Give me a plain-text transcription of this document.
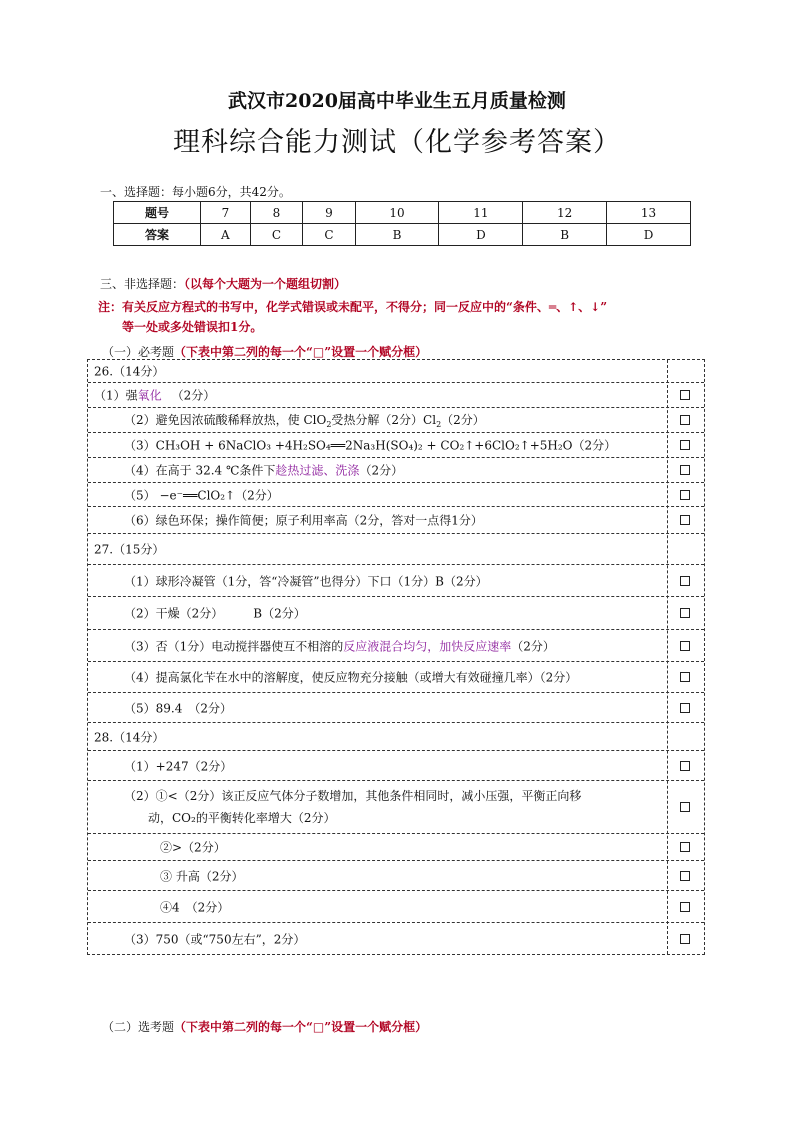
武汉市2020届高中毕业生五月质量检测
理科综合能力测试（化学参考答案）
一、选择题：每小题6分，共42分。
题号	7	8	9	10	11	12	13
答案	A	C	C	B	D	B	D
三、非选择题：（以每个大题为一个题组切割）
注：有关反应方程式的书写中，化学式错误或未配平，不得分；同一反应中的“条件、═、↑、↓”
等一处或多处错误扣1分。
（一）必考题（下表中第二列的每一个“□”设置一个赋分框）
26.（14分）
（1）强氧化 （2分）
（2）避免因浓硫酸稀释放热，使 ClO$_2$受热分解（2分）$Cl_2(2$分）
（3）CH₃OH + 6NaClO₃ +4H₂SO₄══2Na₃H(SO₄)₂ + CO₂↑+6ClO₂↑+5H₂O（2分）
（4）在高于 32.4 ℃条件下趁热过滤、洗涤（2分）
（5） −e⁻══ClO₂↑（2分）
（6）绿色环保；操作简便；原子利用率高（2分，答对一点得1分）
27.（15分）
（1）球形冷凝管（1分，答“冷凝管”也得分）下口（1分）B（2分）
（2）干燥（2分）　　　B（2分）
（3）否（1分）电动搅拌器使互不相溶的反应液混合均匀，加快反应速率（2分）
（4）提高氯化苄在水中的溶解度，使反应物充分接触（或增大有效碰撞几率）（2分）
（5）89.4　（2分）
28.（14分）
（1）+247（2分）
（2）①<（2分）该正反应气体分子数增加，其他条件相同时，减小压强，平衡正向移
动，CO₂的平衡转化率增大（2分）
②>（2分）
③ 升高（2分）
④4　（2分）
（3）750（或“750左右”，2分）
（二）选考题（下表中第二列的每一个“□”设置一个赋分框）
